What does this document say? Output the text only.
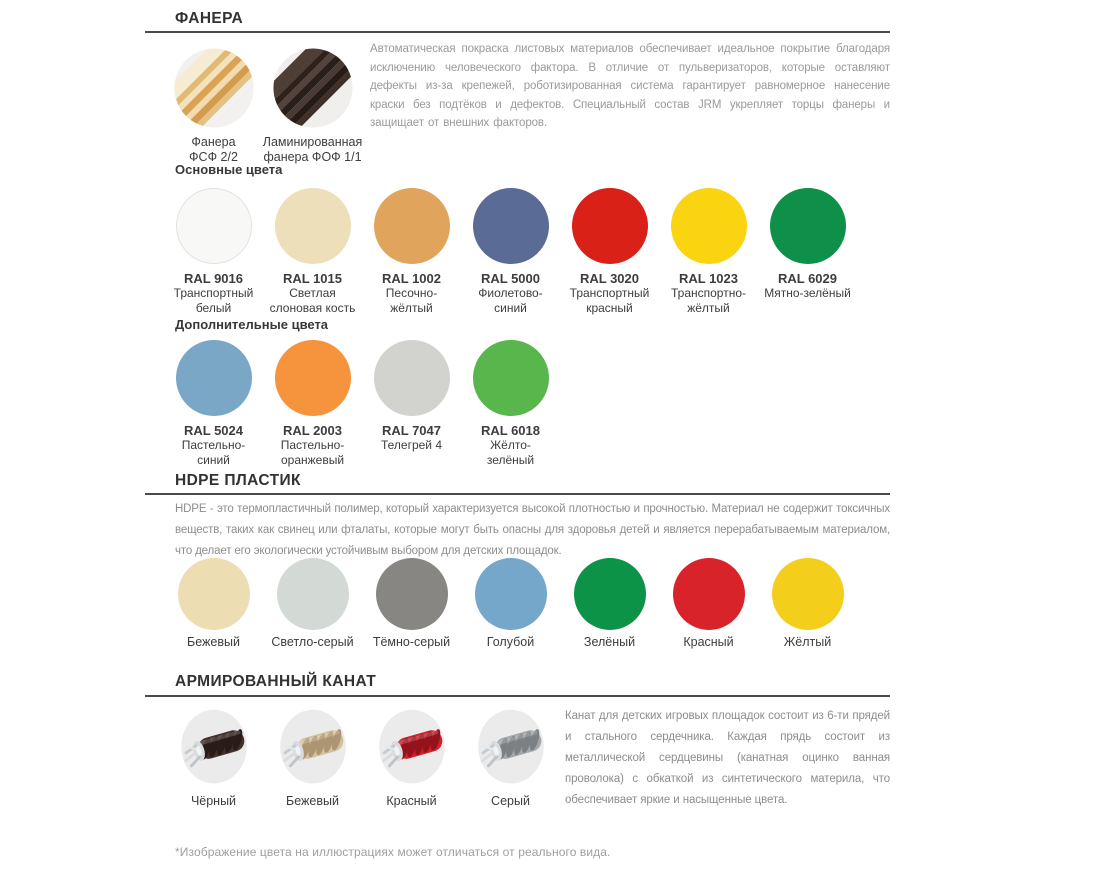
ФАНЕРА

Автоматическая покраска листовых материалов обеспечивает идеальное покрытие благодаря исключению человеческого фактора. В отличие от пульверизаторов, которые оставляют дефекты из-за крепежей, роботизированная система гарантирует равномерное нанесение краски без подтёков и дефектов. Специальный состав JRM укрепляет торцы фанеры и защищает от внешних факторов.

Фанера
ФСФ 2/2
Ламинированная
фанера ФОФ 1/1
Основные цвета
RAL 9016
Транспортный
белый
RAL 1015
Светлая
слоновая кость
RAL 1002
Песочно-
жёлтый
RAL 5000
Фиолетово-
синий
RAL 3020
Транспортный
красный
RAL 1023
Транспортно-
жёлтый
RAL 6029
Мятно-зелёный
Дополнительные цвета
RAL 5024
Пастельно-
синий
RAL 2003
Пастельно-
оранжевый
RAL 7047
Телегрей 4
RAL 6018
Жёлто-
зелёный
HDPE ПЛАСТИК

HDPE - это термопластичный полимер, который характеризуется высокой плотностью и прочностью. Материал не содержит токсичных веществ, таких как свинец или фталаты, которые могут быть опасны для здоровья детей и является перерабатываемым материалом, что делает его экологически устойчивым выбором для детских площадок.

Бежевый	Светло-серый Тёмно-серый	Голубой	Зелёный	Красный	Жёлтый
АРМИРОВАННЫЙ КАНАТ

Канат для детских игровых площадок состоит из 6-ти прядей и стального сердечника. Каждая прядь состоит из металлической сердцевины (канатная оцинко ванная проволока) с обкаткой из синтетического материла, что обеспечивает яркие и насыщенные цвета.

Чёрный	Бежевый	Красный	Серый
*Изображение цвета на иллюстрациях может отличаться от реального вида.
